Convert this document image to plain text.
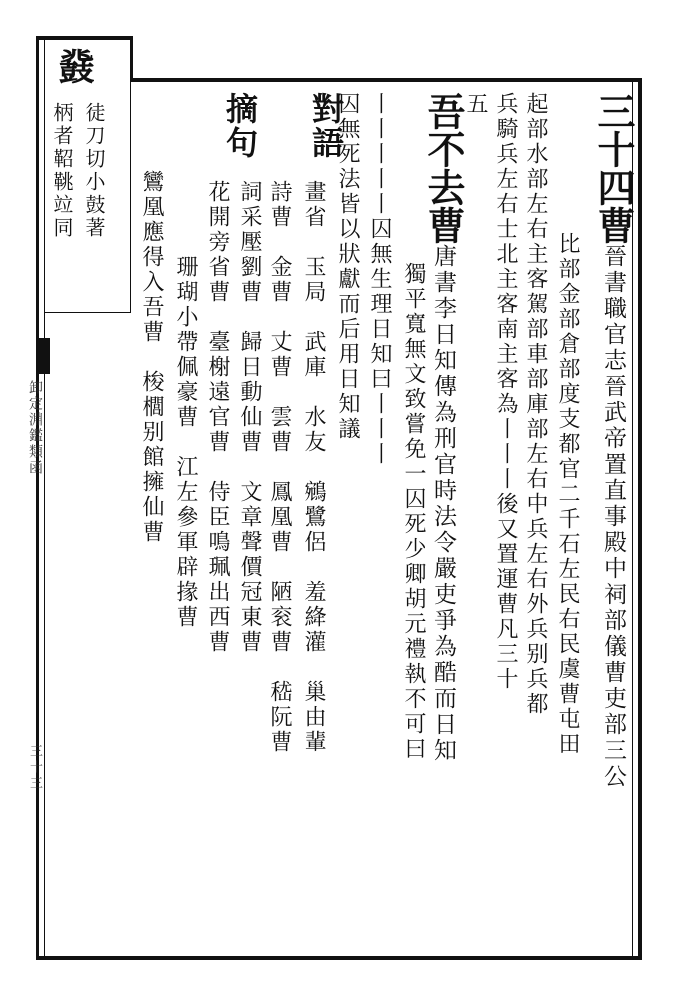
三十四曹晉書職官志晉武帝置直事殿中祠部儀曹吏部三公
比部金部倉部度支都官二千石左民右民虞曹屯田
起部水部左右主客駕部車部庫部左右中兵左右外兵别兵都
兵騎兵左右士北主客南主客為丨丨丨後又置運曹凡三十
五
吾不去曹唐書李日知傳為刑官時法令嚴吏爭為酷而日知
獨平寬無文致嘗免一囚死少卿胡元禮執不可曰
丨丨丨丨丨囚無生理日知曰丨丨丨
囚無死法皆以狀獻而后用日知議
對語
畫省　玉局　武庫　水友　鵷鷺侶　羞絳灌　巢由輩
詩曹　金曹　丈曹　雲曹　鳳凰曹　陋衮曹　嵇阮曹
摘句
詞采壓劉曹　歸日動仙曹　文章聲價冠東曹
花開旁省曹　臺榭遠官曹　侍臣鳴珮出西曹
珊瑚小帶佩豪曹　江左參軍辟掾曹
鸞凰應得入吾曹　梭櫚别館擁仙曹
鼗
徒刀切小鼓著
柄者鞀鞉竝同
卸定淵鑑類函
三十三
